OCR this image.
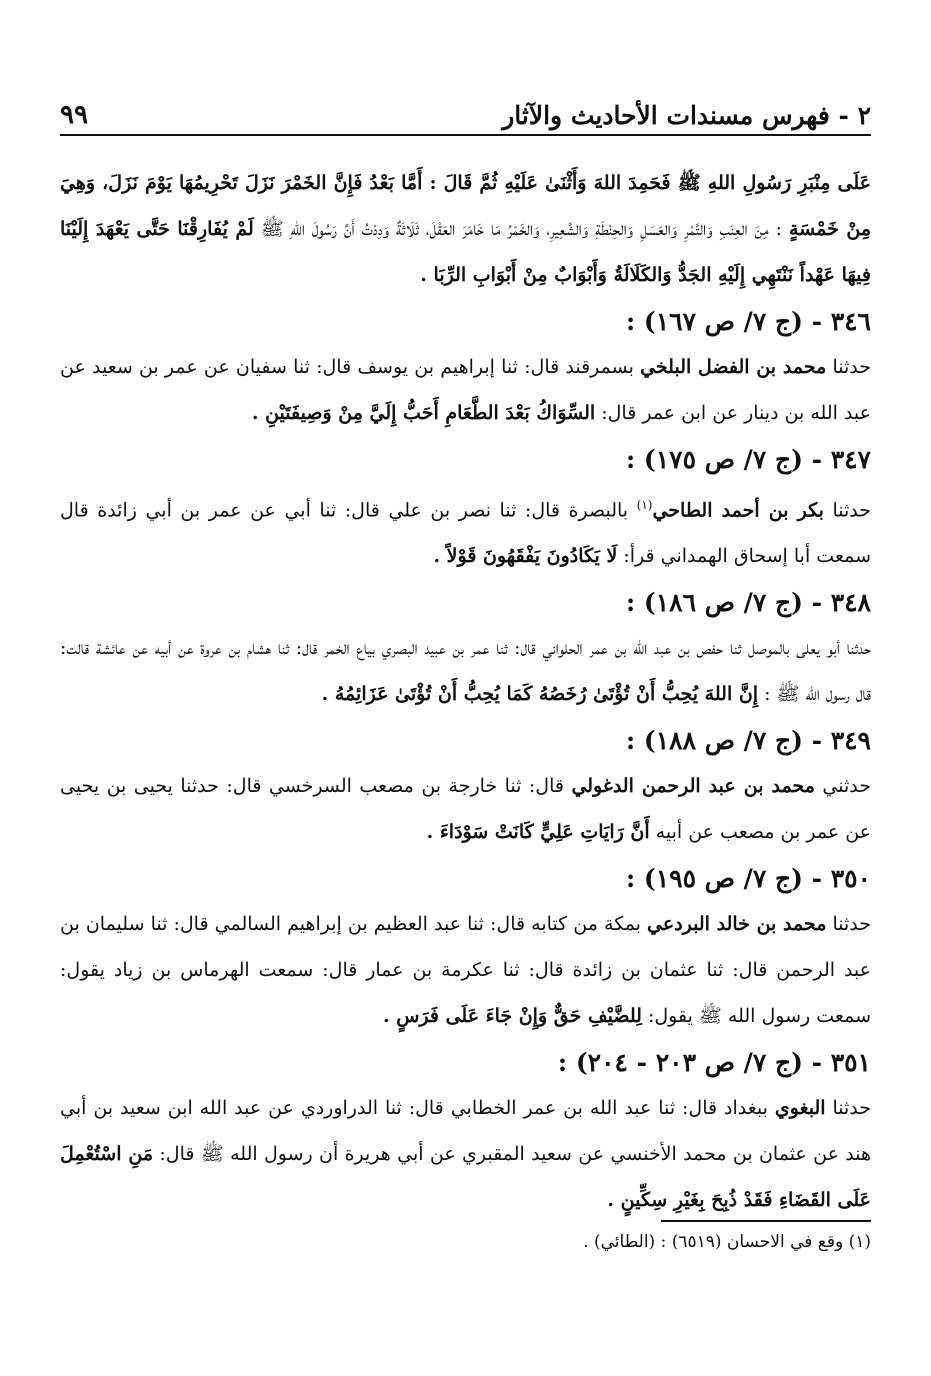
٢ - فهرس مسندات الأحاديث والآثار
٩٩

عَلَى مِنْبَرِ رَسُولِ اللهِ ﷺ فَحَمِدَ اللهَ وَأَثْنَىٰ عَلَيْهِ ثُمَّ قَالَ : أَمَّا بَعْدُ فَإِنَّ الخَمْرَ نَزَلَ تَحْرِيمُهَا يَوْمَ نَزَلَ، وَهِيَ مِنْ خَمْسَةٍ : مِنَ العِنَبِ وَالتَّمْرِ وَالعَسَلِ وَالحِنْطَةِ وَالشَّعِيرِ، وَالخَمْرُ مَا خَامَرَ العَقْلَ، ثَلَاثَةٌ وَدِدْتُ أَنَّ رَسُولَ اللهِ ﷺ لَمْ يُفَارِقْنَا حَتَّى يَعْهَدَ إِلَيْنَا فِيهَا عَهْداً نَنْتَهِي إِلَيْهِ الجَدُّ وَالكَلَالَةُ وَأَبْوَابٌ مِنْ أَبْوَابِ الرِّبَا .

٣٤٦ - (ج ٧/ ص ١٦٧) :

حدثنا محمد بن الفضل البلخي بسمرقند قال: ثنا إبراهيم بن يوسف قال: ثنا سفيان عن عمر بن سعيد عن عبد الله بن دينار عن ابن عمر قال: السِّوَاكُ بَعْدَ الطَّعَامِ أَحَبُّ إِلَيَّ مِنْ وَصِيفَتَيْنِ .

٣٤٧ - (ج ٧/ ص ١٧٥) :

حدثنا بكر بن أحمد الطاحي$^{(١)}$ بالبصرة قال: ثنا نصر بن علي قال: ثنا أبي عن عمر بن أبي زائدة قال سمعت أبا إسحاق الهمداني قرأ: لَا يَكَادُونَ يَفْقَهُونَ قَوْلاً .

٣٤٨ - (ج ٧/ ص ١٨٦) :

حدثنا أبو يعلى بالموصل ثنا حفص بن عبد الله بن عمر الحلواني قال: ثنا عمر بن عبيد البصري بياع الخمر قال: ثنا هشام بن عروة عن أبيه عن عائشة قالت: قال رسول الله ﷺ : إِنَّ اللهَ يُحِبُّ أَنْ تُؤْتَىٰ رُخَصُهُ كَمَا يُحِبُّ أَنْ تُؤْتَىٰ عَزَائِمُهُ .

٣٤٩ - (ج ٧/ ص ١٨٨) :

حدثني محمد بن عبد الرحمن الدغولي قال: ثنا خارجة بن مصعب السرخسي قال: حدثنا يحيى بن يحيى عن عمر بن مصعب عن أبيه أَنَّ رَايَاتِ عَلِيٍّ كَانَتْ سَوْدَاءَ .

٣٥٠ - (ج ٧/ ص ١٩٥) :

حدثنا محمد بن خالد البردعي بمكة من كتابه قال: ثنا عبد العظيم بن إبراهيم السالمي قال: ثنا سليمان بن عبد الرحمن قال: ثنا عثمان بن زائدة قال: ثنا عكرمة بن عمار قال: سمعت الهرماس بن زياد يقول: سمعت رسول الله ﷺ يقول: لِلضَّيْفِ حَقٌّ وَإِنْ جَاءَ عَلَى فَرَسٍ .

٣٥١ - (ج ٧/ ص ٢٠٣ - ٢٠٤) :

حدثنا البغوي ببغداد قال: ثنا عبد الله بن عمر الخطابي قال: ثنا الدراوردي عن عبد الله ابن سعيد بن أبي هند عن عثمان بن محمد الأخنسي عن سعيد المقبري عن أبي هريرة أن رسول الله ﷺ قال: مَنِ اسْتُعْمِلَ عَلَى القَضَاءِ فَقَدْ ذُبِحَ بِغَيْرِ سِكِّينٍ .

(١) وقع في الاحسان (٦٥١٩) : (الطائي) .
